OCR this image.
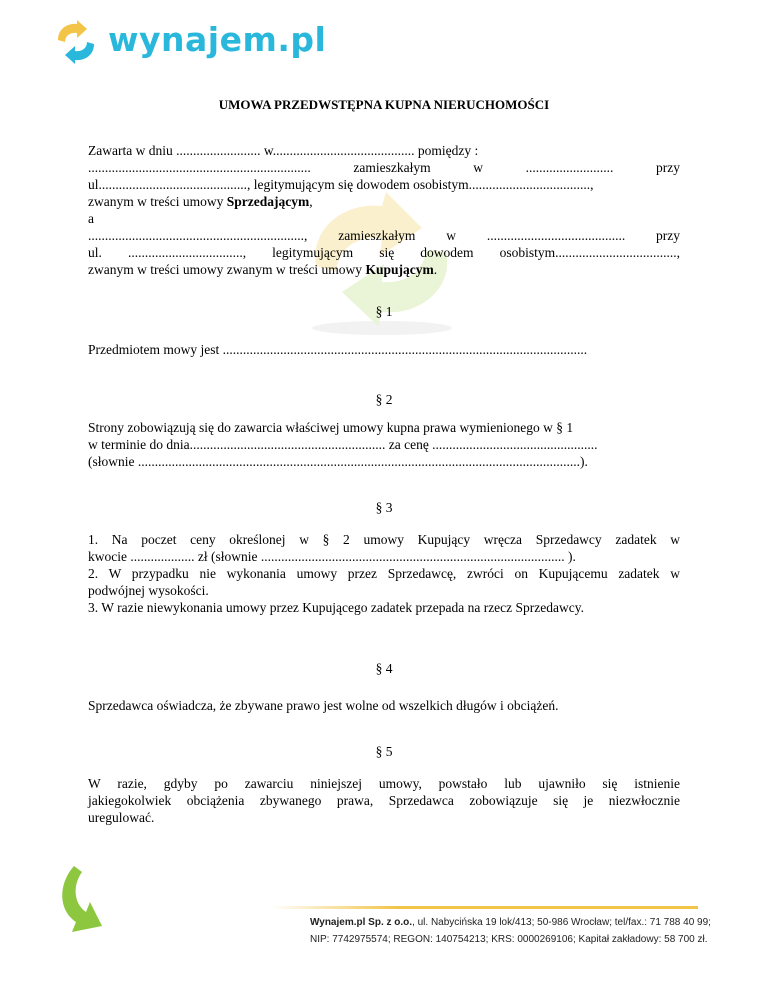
wynajem.pl
UMOWA PRZEDWSTĘPNA KUPNA NIERUCHOMOŚCI
Zawarta w dniu ......................... w.......................................... pomiędzy :
..................................................................	zamieszkałym	w	..........................	przy
ul............................................, legitymującym się dowodem osobistym....................................,
zwanym w treści umowy Sprzedającym,
a
................................................................, zamieszkałym w ......................................... przy
ul. .................................., legitymującym się dowodem osobistym....................................,
zwanym w treści umowy zwanym w treści umowy Kupującym.
§ 1
Przedmiotem mowy jest ............................................................................................................
§ 2
Strony zobowiązują się do zawarcia właściwej umowy kupna prawa wymienionego w § 1
w terminie do dnia.......................................................... za cenę .................................................
(słownie ...................................................................................................................................).
§ 3
1. Na poczet ceny określonej w § 2 umowy Kupujący wręcza Sprzedawcy zadatek w
kwocie ................... zł (słownie .......................................................................................... ).
2. W przypadku nie wykonania umowy przez Sprzedawcę, zwróci on Kupującemu zadatek w
podwójnej wysokości.
3. W razie niewykonania umowy przez Kupującego zadatek przepada na rzecz Sprzedawcy.
§ 4
Sprzedawca oświadcza, że zbywane prawo jest wolne od wszelkich długów i obciążeń.
§ 5
W razie, gdyby po zawarciu niniejszej umowy, powstało lub ujawniło się istnienie
jakiegokolwiek obciążenia zbywanego prawa, Sprzedawca zobowiązuje się je niezwłocznie
uregulować.
Wynajem.pl Sp. z o.o., ul. Nabycińska 19 lok/413; 50-986 Wrocław; tel/fax.: 71 788 40 99;
NIP: 7742975574; REGON: 140754213; KRS: 0000269106; Kapitał zakładowy: 58 700 zł.
